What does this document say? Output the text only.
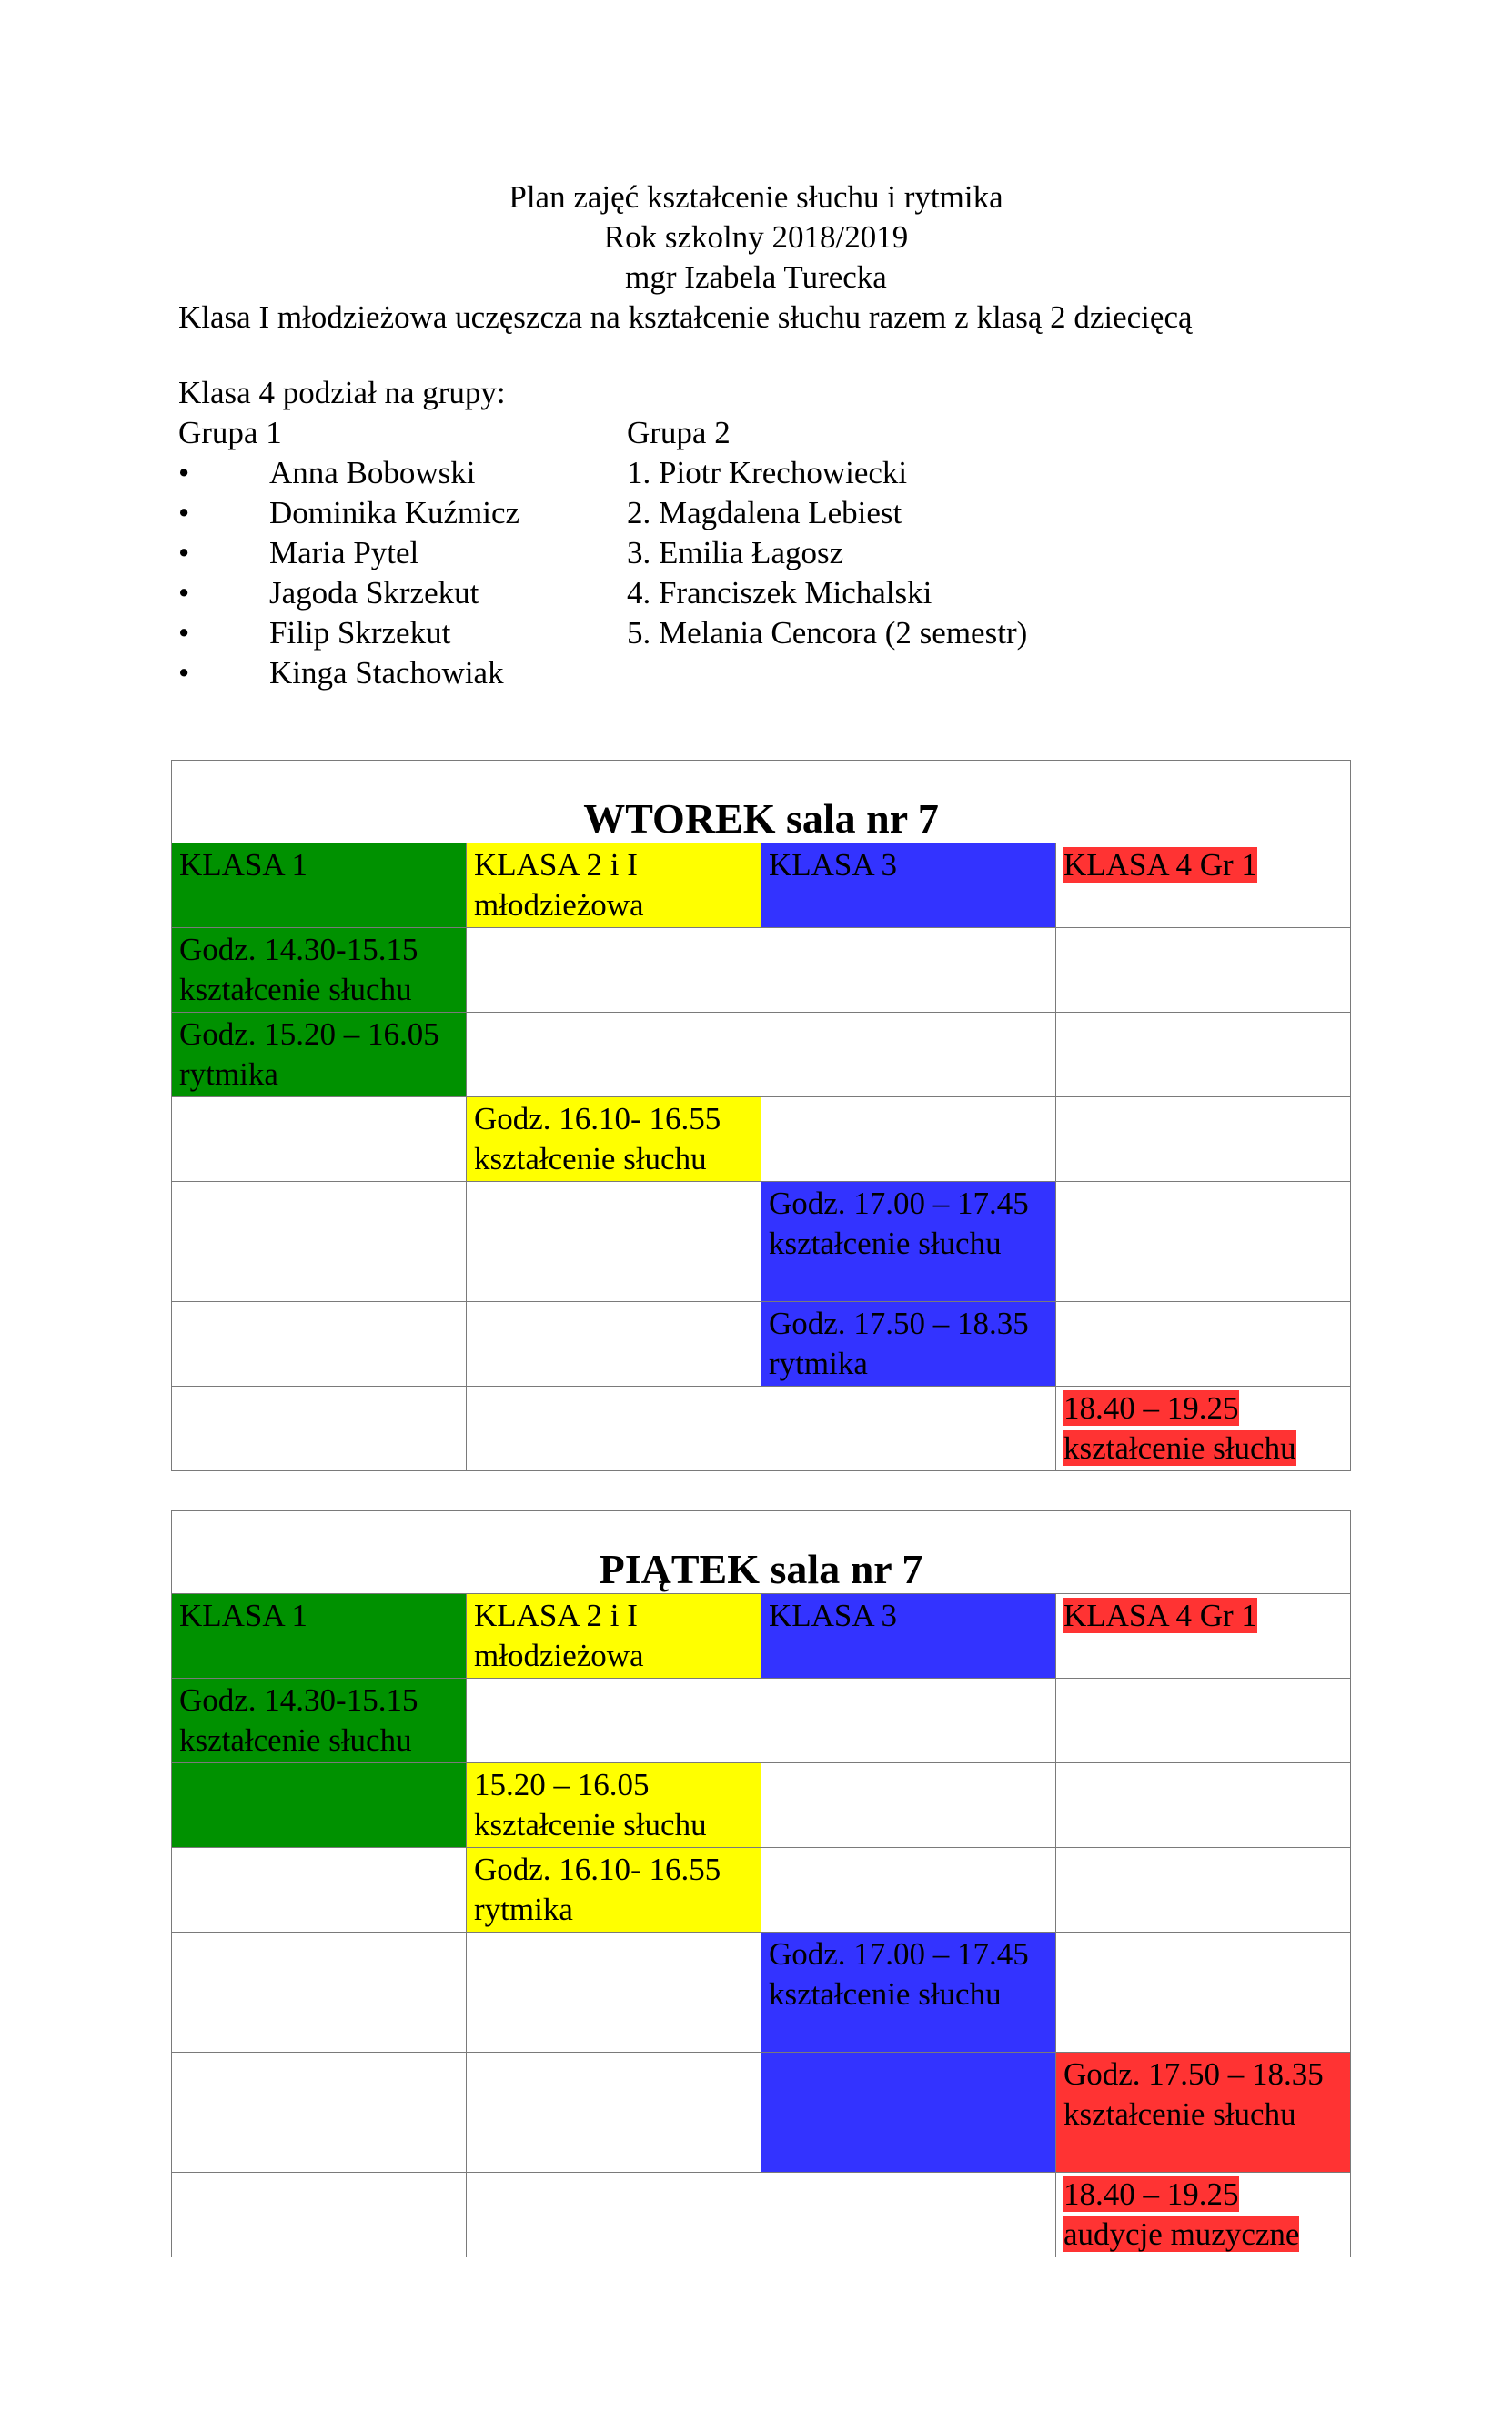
Plan zajęć kształcenie słuchu i rytmika
Rok szkolny 2018/2019
mgr Izabela Turecka
Klasa I młodzieżowa uczęszcza na kształcenie słuchu razem z klasą 2 dziecięcą
Klasa 4 podział na grupy:
Grupa 1
•	Anna Bobowski
•	Dominika Kuźmicz
•	Maria Pytel
•	Jagoda Skrzekut
•	Filip Skrzekut
•	Kinga Stachowiak
Grupa 2
1. Piotr Krechowiecki
2. Magdalena Lebiest
3. Emilia Łagosz
4. Franciszek Michalski
5. Melania Cencora (2 semestr)
WTOREK sala nr 7			
KLASA 1	KLASA 2 i I młodzieżowa	KLASA 3	KLASA 4 Gr 1
Godz. 14.30-15.15 kształcenie słuchu			
Godz. 15.20 – 16.05 rytmika			
	Godz. 16.10- 16.55 kształcenie słuchu		
		Godz. 17.00 – 17.45 kształcenie słuchu	
		Godz. 17.50 – 18.35 rytmika	
			18.40 – 19.25 kształcenie słuchu
PIĄTEK sala nr 7			
KLASA 1	KLASA 2 i I młodzieżowa	KLASA 3	KLASA 4 Gr 1
Godz. 14.30-15.15 kształcenie słuchu			
	15.20 – 16.05 kształcenie słuchu		
	Godz. 16.10- 16.55 rytmika		
		Godz. 17.00 – 17.45 kształcenie słuchu	
			Godz. 17.50 – 18.35 kształcenie słuchu
			18.40 – 19.25 audycje muzyczne
